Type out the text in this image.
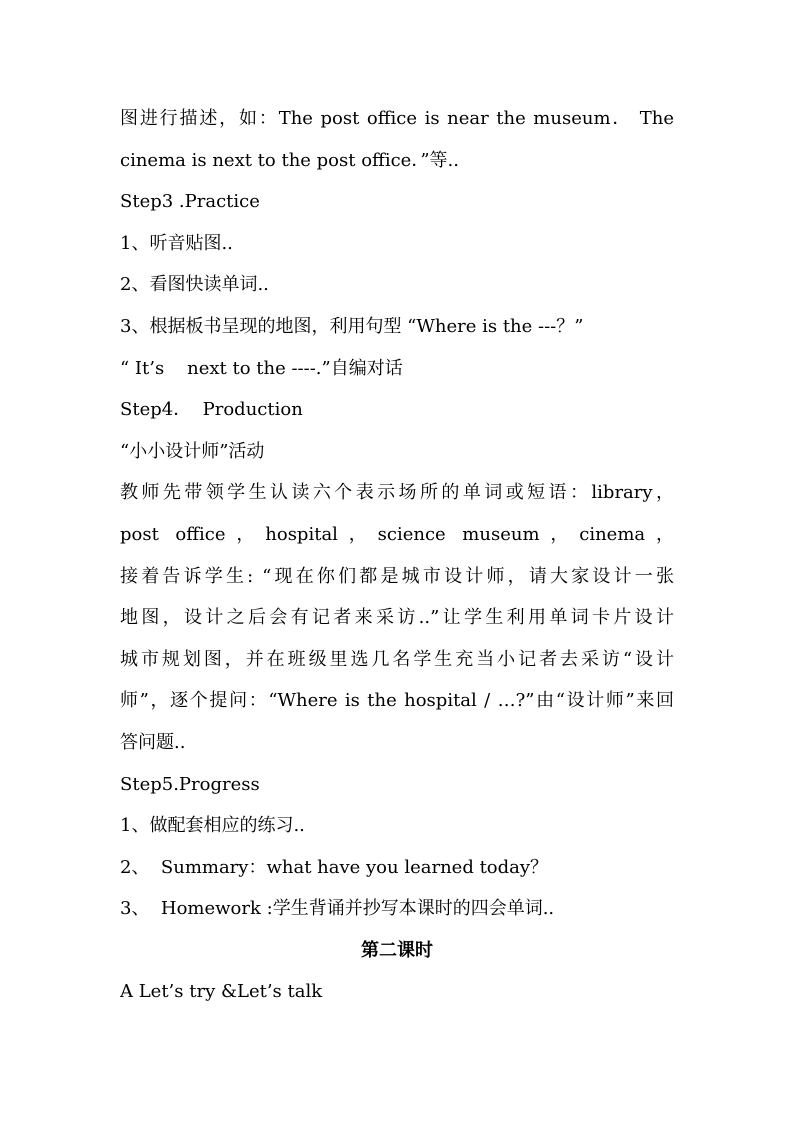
图进行描述，如：The post office is near the museum． The
cinema is next to the post office．”等..
Step3 .Practice
1、听音贴图..
2、看图快读单词..
3、根据板书呈现的地图，利用句型 “Where is the ---？”
“ It’s    next to the ----.”自编对话
Step4．  Production
“小小设计师”活动
教师先带领学生认读六个表示场所的单词或短语：library，
post office，hospital，science museum，cinema，
接着告诉学生: “现在你们都是城市设计师，请大家设计一张
地图，设计之后会有记者来采访..”让学生利用单词卡片设计
城市规划图，并在班级里选几名学生充当小记者去采访“设计
师”，逐个提问：“Where is the hospital / …?”由“设计师”来回
答问题..
Step5.Progress
1、做配套相应的练习..
2、  Summary：what have you learned today？
3、  Homework :学生背诵并抄写本课时的四会单词..
第二课时
A Let’s try &Let’s talk
